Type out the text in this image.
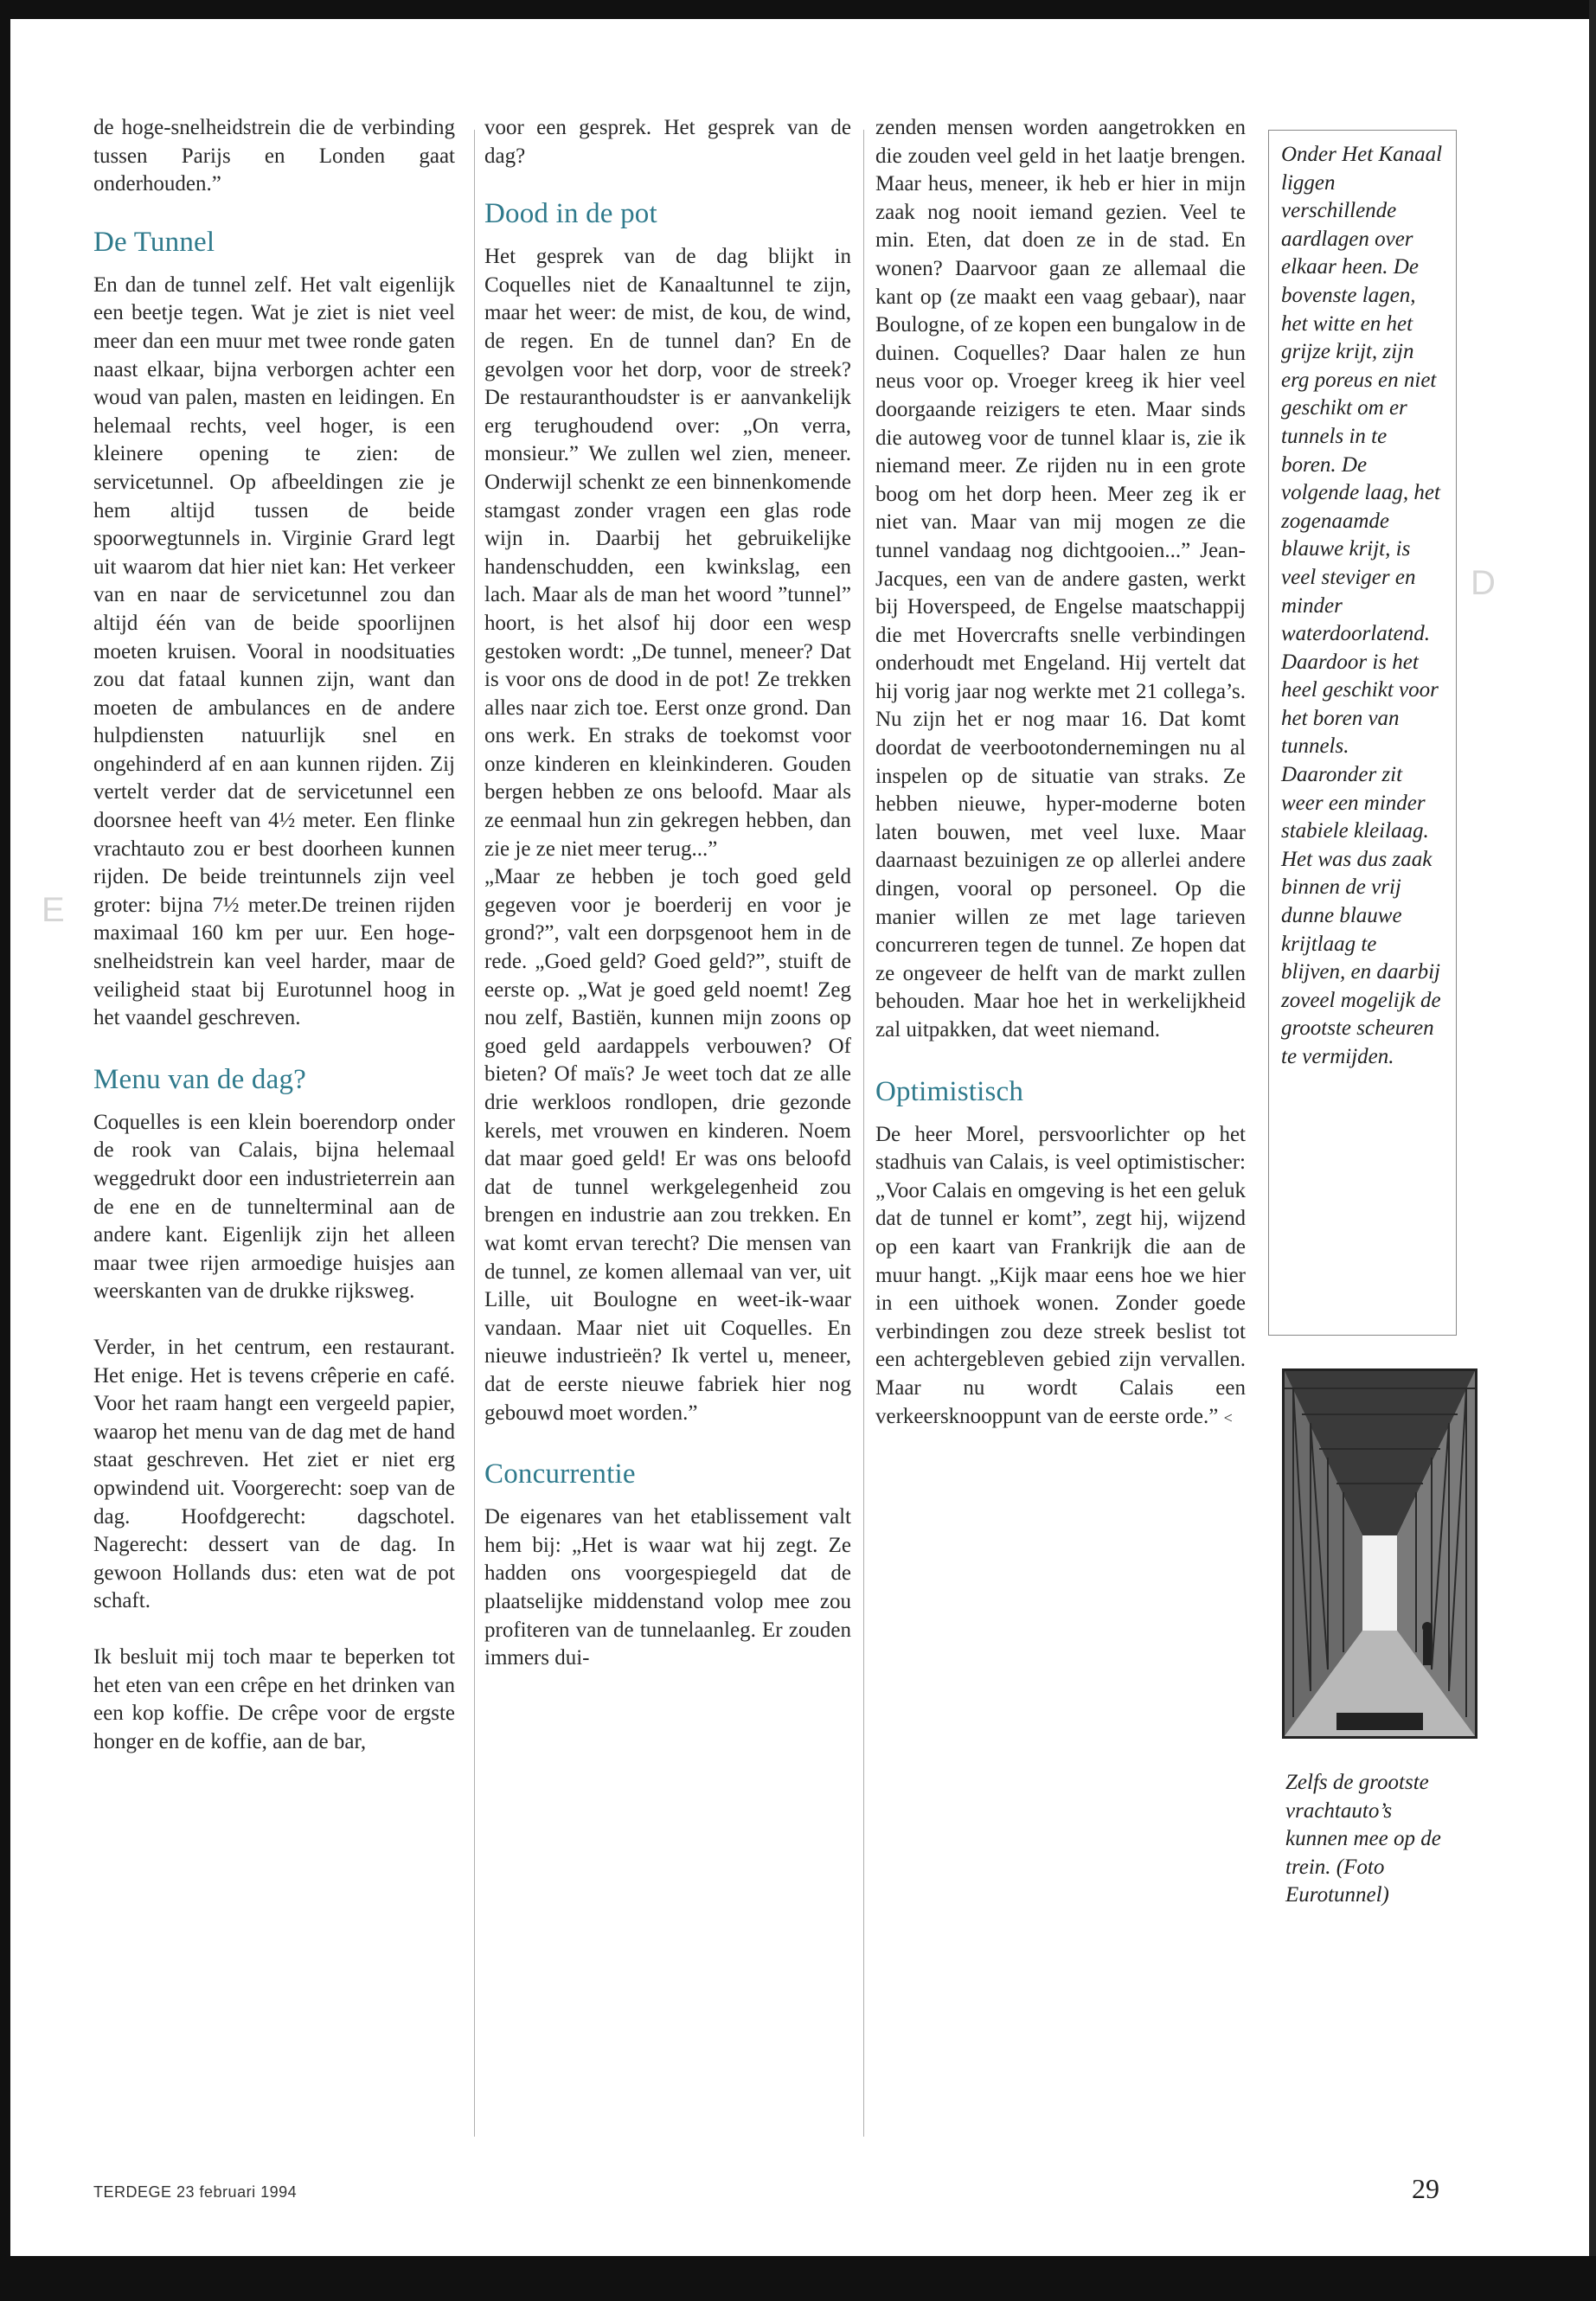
E
D

de hoge-snelheidstrein die de verbinding tussen Parijs en Londen gaat onderhouden.”

De Tunnel

En dan de tunnel zelf. Het valt eigenlijk een beetje tegen. Wat je ziet is niet veel meer dan een muur met twee ronde gaten naast elkaar, bijna verborgen achter een woud van palen, masten en leidingen. En helemaal rechts, veel hoger, is een kleinere opening te zien: de servicetunnel. Op afbeeldingen zie je hem altijd tussen de beide spoorwegtunnels in. Virginie Grard legt uit waarom dat hier niet kan: Het verkeer van en naar de servicetunnel zou dan altijd één van de beide spoorlijnen moeten kruisen. Vooral in noodsituaties zou dat fataal kunnen zijn, want dan moeten de ambulances en de andere hulpdiensten natuurlijk snel en ongehinderd af en aan kunnen rijden. Zij vertelt verder dat de servicetunnel een doorsnee heeft van 4½ meter. Een flinke vrachtauto zou er best doorheen kunnen rijden. De beide treintunnels zijn veel groter: bijna 7½ meter.De treinen rijden maximaal 160 km per uur. Een hoge-snelheidstrein kan veel harder, maar de veiligheid staat bij Eurotunnel hoog in het vaandel geschreven.

Menu van de dag?

Coquelles is een klein boerendorp onder de rook van Calais, bijna helemaal weggedrukt door een industrieterrein aan de ene en de tunnelterminal aan de andere kant. Eigenlijk zijn het alleen maar twee rijen armoedige huisjes aan weerskanten van de drukke rijksweg.

Verder, in het centrum, een restaurant. Het enige. Het is tevens crêperie en café. Voor het raam hangt een vergeeld papier, waarop het menu van de dag met de hand staat geschreven. Het ziet er niet erg opwindend uit. Voorgerecht: soep van de dag. Hoofdgerecht: dagschotel. Nagerecht: dessert van de dag. In gewoon Hollands dus: eten wat de pot schaft.

Ik besluit mij toch maar te beperken tot het eten van een crêpe en het drinken van een kop koffie. De crêpe voor de ergste honger en de koffie, aan de bar,

voor een gesprek. Het gesprek van de dag?

Dood in de pot

Het gesprek van de dag blijkt in Coquelles niet de Kanaaltunnel te zijn, maar het weer: de mist, de kou, de wind, de regen. En de tunnel dan? En de gevolgen voor het dorp, voor de streek? De restauranthoudster is er aanvankelijk erg terughoudend over: „On verra, monsieur.” We zullen wel zien, meneer. Onderwijl schenkt ze een binnenkomende stamgast zonder vragen een glas rode wijn in. Daarbij het gebruikelijke handenschudden, een kwinkslag, een lach. Maar als de man het woord ”tunnel” hoort, is het alsof hij door een wesp gestoken wordt: „De tunnel, meneer? Dat is voor ons de dood in de pot! Ze trekken alles naar zich toe. Eerst onze grond. Dan ons werk. En straks de toekomst voor onze kinderen en kleinkinderen. Gouden bergen hebben ze ons beloofd. Maar als ze eenmaal hun zin gekregen hebben, dan zie je ze niet meer terug...”

„Maar ze hebben je toch goed geld gegeven voor je boerderij en voor je grond?”, valt een dorpsgenoot hem in de rede. „Goed geld? Goed geld?”, stuift de eerste op. „Wat je goed geld noemt! Zeg nou zelf, Bastiën, kunnen mijn zoons op goed geld aardappels verbouwen? Of bieten? Of maïs? Je weet toch dat ze alle drie werkloos rondlopen, drie gezonde kerels, met vrouwen en kinderen. Noem dat maar goed geld! Er was ons beloofd dat de tunnel werkgelegenheid zou brengen en industrie aan zou trekken. En wat komt ervan terecht? Die mensen van de tunnel, ze komen allemaal van ver, uit Lille, uit Boulogne en weet-ik-waar vandaan. Maar niet uit Coquelles. En nieuwe industrieën? Ik vertel u, meneer, dat de eerste nieuwe fabriek hier nog gebouwd moet worden.”

Concurrentie

De eigenares van het etablissement valt hem bij: „Het is waar wat hij zegt. Ze hadden ons voorgespiegeld dat de plaatselijke middenstand volop mee zou profiteren van de tunnelaanleg. Er zouden immers dui-

zenden mensen worden aangetrokken en die zouden veel geld in het laatje brengen. Maar heus, meneer, ik heb er hier in mijn zaak nog nooit iemand gezien. Veel te min. Eten, dat doen ze in de stad. En wonen? Daarvoor gaan ze allemaal die kant op (ze maakt een vaag gebaar), naar Boulogne, of ze kopen een bungalow in de duinen. Coquelles? Daar halen ze hun neus voor op. Vroeger kreeg ik hier veel doorgaande reizigers te eten. Maar sinds die autoweg voor de tunnel klaar is, zie ik niemand meer. Ze rijden nu in een grote boog om het dorp heen. Meer zeg ik er niet van. Maar van mij mogen ze die tunnel vandaag nog dichtgooien...” Jean-Jacques, een van de andere gasten, werkt bij Hoverspeed, de Engelse maatschappij die met Hovercrafts snelle verbindingen onderhoudt met Engeland. Hij vertelt dat hij vorig jaar nog werkte met 21 collega’s. Nu zijn het er nog maar 16. Dat komt doordat de veerbootondernemingen nu al inspelen op de situatie van straks. Ze hebben nieuwe, hyper-moderne boten laten bouwen, met veel luxe. Maar daarnaast bezuinigen ze op allerlei andere dingen, vooral op personeel. Op die manier willen ze met lage tarieven concurreren tegen de tunnel. Ze hopen dat ze ongeveer de helft van de markt zullen behouden. Maar hoe het in werkelijkheid zal uitpakken, dat weet niemand.

Optimistisch

De heer Morel, persvoorlichter op het stadhuis van Calais, is veel optimistischer: „Voor Calais en omgeving is het een geluk dat de tunnel er komt”, zegt hij, wijzend op een kaart van Frankrijk die aan de muur hangt. „Kijk maar eens hoe we hier in een uithoek wonen. Zonder goede verbindingen zou deze streek beslist tot een achtergebleven gebied zijn vervallen. Maar nu wordt Calais een verkeersknooppunt van de eerste orde.” <

Onder Het Kanaal liggen verschillende aardlagen over elkaar heen. De bovenste lagen, het witte en het grijze krijt, zijn erg poreus en niet geschikt om er tunnels in te boren. De volgende laag, het zogenaamde blauwe krijt, is veel steviger en minder waterdoorlatend. Daardoor is het heel geschikt voor het boren van tunnels. Daaronder zit weer een minder stabiele kleilaag. Het was dus zaak binnen de vrij dunne blauwe krijtlaag te blijven, en daarbij zoveel mogelijk de grootste scheuren te vermijden.
Zelfs de grootste vrachtauto’s kunnen mee op de trein. (Foto Eurotunnel)
TERDEGE 23 februari 1994	29
